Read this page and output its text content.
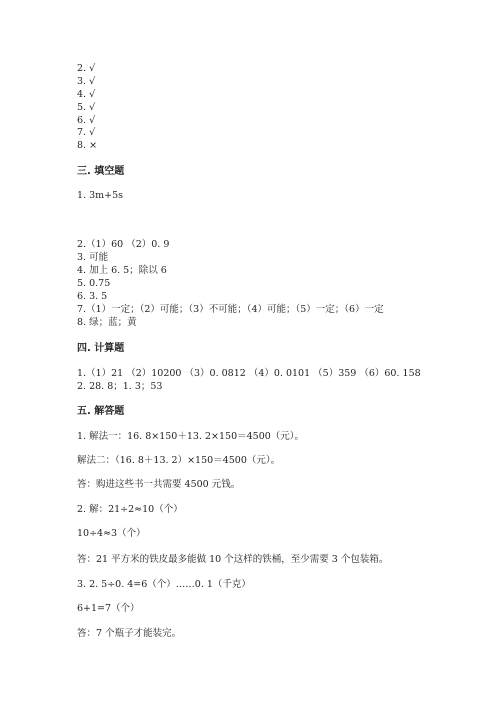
2. √
3. √
4. √
5. √
6. √
7. √
8. ×
三. 填空题
1. 3m+5s
2.（1）60 （2）0. 9
3. 可能
4. 加上 6. 5；除以 6
5. 0.75
6. 3. 5
7.（1）一定；（2）可能；（3）不可能；（4）可能；（5）一定；（6）一定
8. 绿；蓝；黄
四. 计算题
1.（1）21 （2）10200 （3）0. 0812 （4）0. 0101 （5）359 （6）60. 158
2. 28. 8；1. 3；53
五. 解答题
1. 解法一：16. 8×150＋13. 2×150＝4500（元）。
解法二：（16. 8＋13. 2）×150＝4500（元）。
答：购进这些书一共需要 4500 元钱。
2. 解：21÷2≈10（个）
10÷4≈3（个）
答：21 平方米的铁皮最多能做 10 个这样的铁桶，至少需要 3 个包装箱。
3. 2. 5÷0. 4=6（个）……0. 1（千克）
6+1=7（个）
答：7 个瓶子才能装完。
